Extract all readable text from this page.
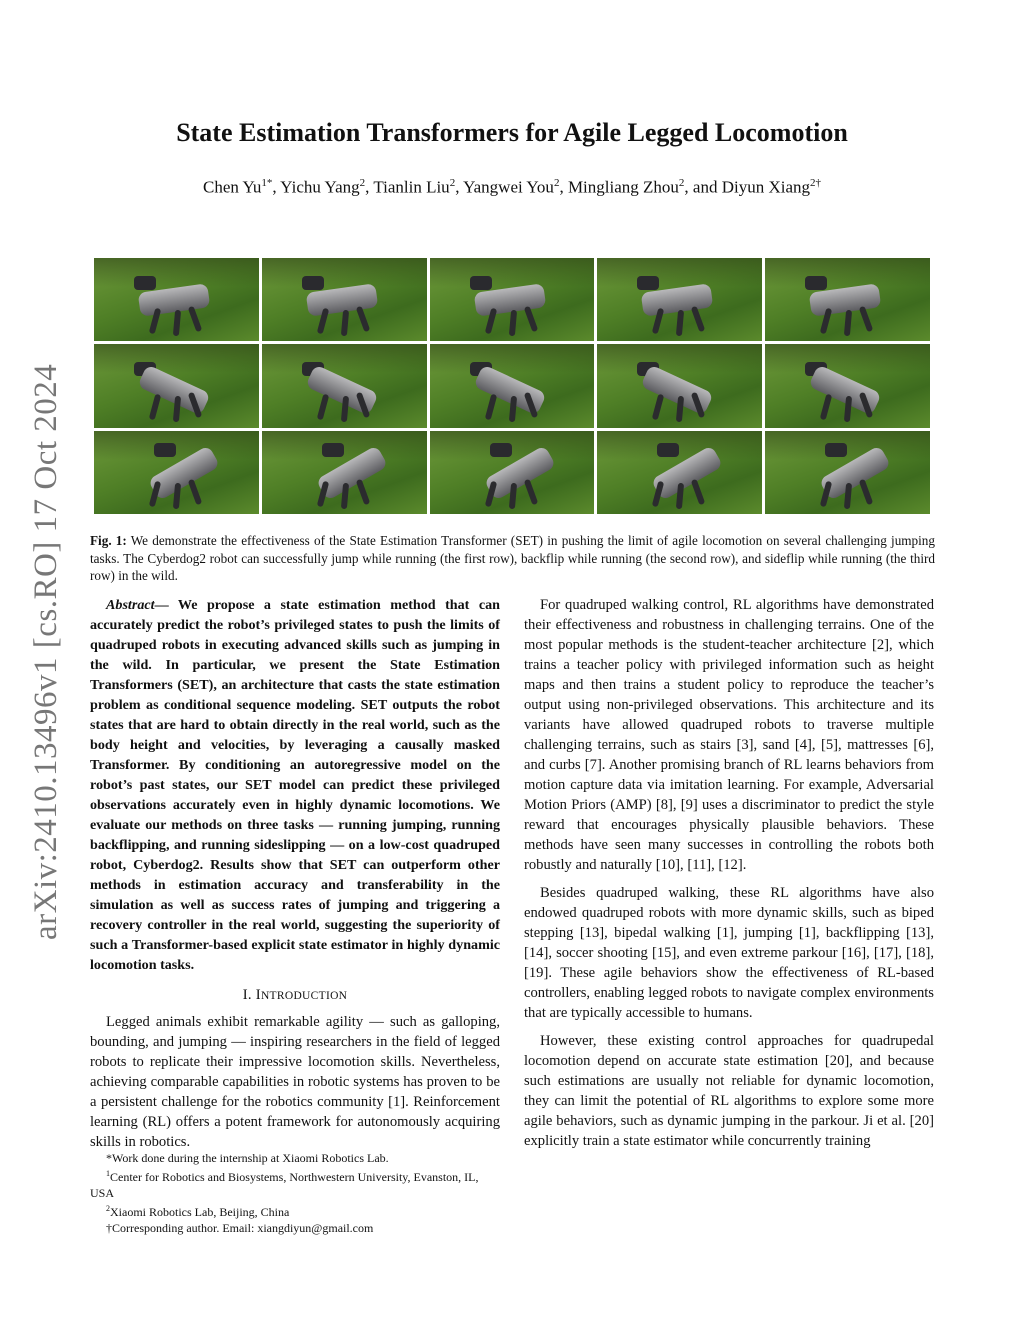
arXiv:2410.13496v1 [cs.RO] 17 Oct 2024
State Estimation Transformers for Agile Legged Locomotion
Chen $Yu^{1*}$, Yichu Yang$^2$, Tianlin Liu$^2$, Yangwei You$^2$, Mingliang Zhou$^2$, and Diyun Xiang$^{2\dagger}$
Fig. 1: We demonstrate the effectiveness of the State Estimation Transformer (SET) in pushing the limit of agile locomotion on several challenging jumping tasks. The Cyberdog2 robot can successfully jump while running (the first row), backflip while running (the second row), and sideflip while running (the third row) in the wild.

Abstract— We propose a state estimation method that can accurately predict the robot’s privileged states to push the limits of quadruped robots in executing advanced skills such as jumping in the wild. In particular, we present the State Estimation Transformers (SET), an architecture that casts the state estimation problem as conditional sequence modeling. SET outputs the robot states that are hard to obtain directly in the real world, such as the body height and velocities, by leveraging a causally masked Transformer. By conditioning an autoregressive model on the robot’s past states, our SET model can predict these privileged observations accurately even in highly dynamic locomotions. We evaluate our methods on three tasks — running jumping, running backflipping, and running sideslipping — on a low-cost quadruped robot, Cyberdog2. Results show that SET can outperform other methods in estimation accuracy and transferability in the simulation as well as success rates of jumping and triggering a recovery controller in the real world, suggesting the superiority of such a Transformer-based explicit state estimator in highly dynamic locomotion tasks.

I. INTRODUCTION

Legged animals exhibit remarkable agility — such as galloping, bounding, and jumping — inspiring researchers in the field of legged robots to replicate their impressive locomotion skills. Nevertheless, achieving comparable capabilities in robotic systems has proven to be a persistent challenge for the robotics community [1]. Reinforcement learning (RL) offers a potent framework for autonomously acquiring skills in robotics.

*Work done during the internship at Xiaomi Robotics Lab.

$^1$Center for Robotics and Biosystems, Northwestern University, Evanston, IL, USA

$^2$Xiaomi Robotics Lab, Beijing, China

†Corresponding author. Email: xiangdiyun@gmail.com

For quadruped walking control, RL algorithms have demonstrated their effectiveness and robustness in challenging terrains. One of the most popular methods is the student-teacher architecture [2], which trains a teacher policy with privileged information such as height maps and then trains a student policy to reproduce the teacher’s output using non-privileged observations. This architecture and its variants have allowed quadruped robots to traverse multiple challenging terrains, such as stairs [3], sand [4], [5], mattresses [6], and curbs [7]. Another promising branch of RL learns behaviors from motion capture data via imitation learning. For example, Adversarial Motion Priors (AMP) [8], [9] uses a discriminator to predict the style reward that encourages physically plausible behaviors. These methods have seen many successes in controlling the robots both robustly and naturally [10], [11], [12].

Besides quadruped walking, these RL algorithms have also endowed quadruped robots with more dynamic skills, such as biped stepping [13], bipedal walking [1], jumping [1], backflipping [13], [14], soccer shooting [15], and even extreme parkour [16], [17], [18], [19]. These agile behaviors show the effectiveness of RL-based controllers, enabling legged robots to navigate complex environments that are typically accessible to humans.

However, these existing control approaches for quadrupedal locomotion depend on accurate state estimation [20], and because such estimations are usually not reliable for dynamic locomotion, they can limit the potential of RL algorithms to explore some more agile behaviors, such as dynamic jumping in the parkour. Ji et al. [20] explicitly train a state estimator while concurrently training
